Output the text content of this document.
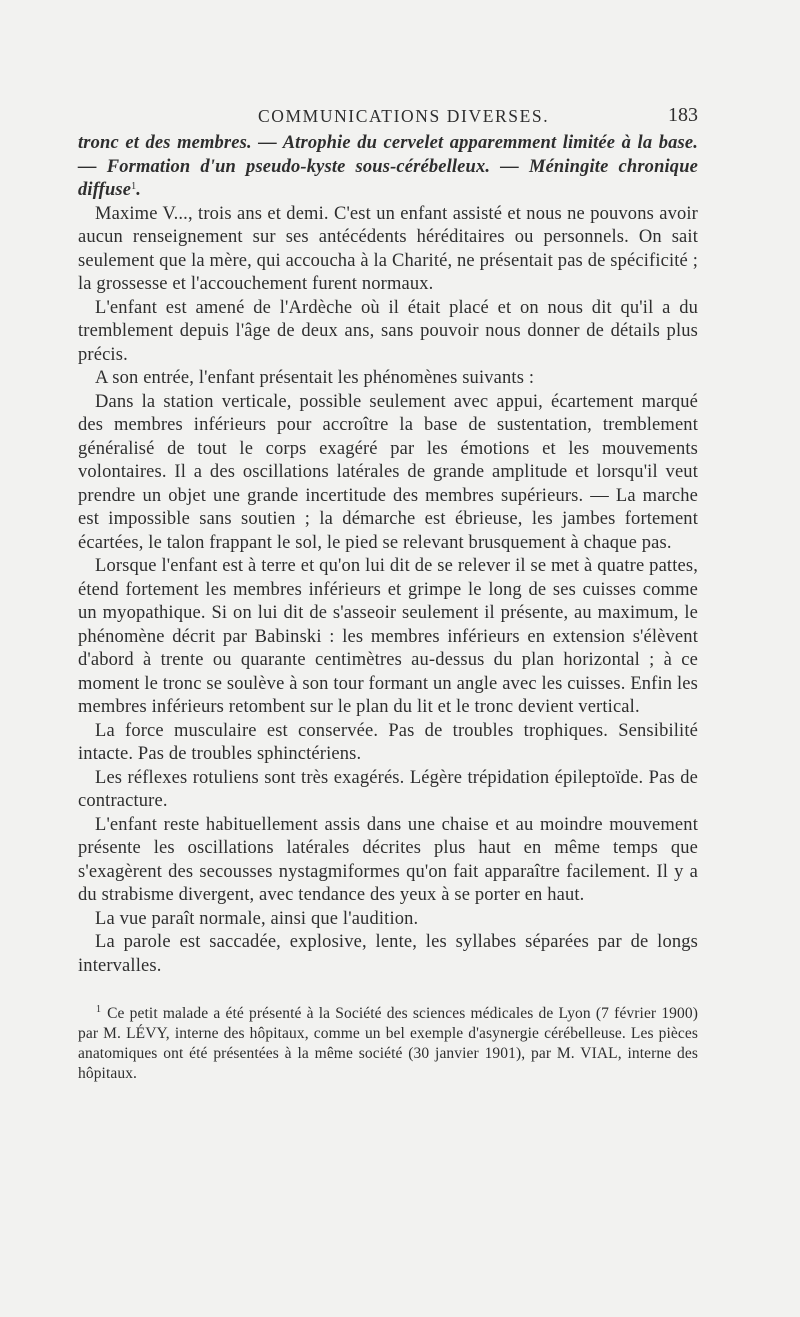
COMMUNICATIONS DIVERSES.	183

tronc et des membres. — Atrophie du cervelet apparemment limitée à la base. — Formation d'un pseudo-kyste sous-cérébelleux. — Méningite chronique diffuse$^1$.

Maxime V..., trois ans et demi. C'est un enfant assisté et nous ne pouvons avoir aucun renseignement sur ses antécédents héréditaires ou personnels. On sait seulement que la mère, qui accoucha à la Charité, ne présentait pas de spécificité ; la grossesse et l'accouchement furent normaux.

L'enfant est amené de l'Ardèche où il était placé et on nous dit qu'il a du tremblement depuis l'âge de deux ans, sans pouvoir nous donner de détails plus précis.

A son entrée, l'enfant présentait les phénomènes suivants :

Dans la station verticale, possible seulement avec appui, écartement marqué des membres inférieurs pour accroître la base de sustentation, tremblement généralisé de tout le corps exagéré par les émotions et les mouvements volontaires. Il a des oscillations latérales de grande amplitude et lorsqu'il veut prendre un objet une grande incertitude des membres supérieurs. — La marche est impossible sans soutien ; la démarche est ébrieuse, les jambes fortement écartées, le talon frappant le sol, le pied se relevant brusquement à chaque pas.

Lorsque l'enfant est à terre et qu'on lui dit de se relever il se met à quatre pattes, étend fortement les membres inférieurs et grimpe le long de ses cuisses comme un myopathique. Si on lui dit de s'asseoir seulement il présente, au maximum, le phénomène décrit par Babinski : les membres inférieurs en extension s'élèvent d'abord à trente ou quarante centimètres au-dessus du plan horizontal ; à ce moment le tronc se soulève à son tour formant un angle avec les cuisses. Enfin les membres inférieurs retombent sur le plan du lit et le tronc devient vertical.

La force musculaire est conservée. Pas de troubles trophiques. Sensibilité intacte. Pas de troubles sphinctériens.

Les réflexes rotuliens sont très exagérés. Légère trépidation épileptoïde. Pas de contracture.

L'enfant reste habituellement assis dans une chaise et au moindre mouvement présente les oscillations latérales décrites plus haut en même temps que s'exagèrent des secousses nystagmiformes qu'on fait apparaître facilement. Il y a du strabisme divergent, avec tendance des yeux à se porter en haut.

La vue paraît normale, ainsi que l'audition.

La parole est saccadée, explosive, lente, les syllabes séparées par de longs intervalles.

$^1$ Ce petit malade a été présenté à la Société des sciences médicales de Lyon (7 février 1900) par M. LÉVY, interne des hôpitaux, comme un bel exemple d'asynergie cérébelleuse. Les pièces anatomiques ont été présentées à la même société (30 janvier 1901), par M. VIAL, interne des hôpitaux.
